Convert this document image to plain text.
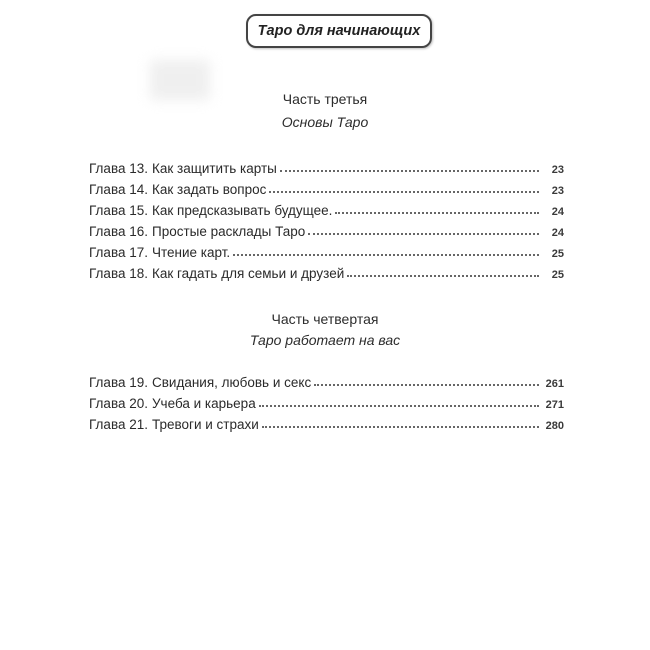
Таро для начинающих
Часть третья
Основы Таро
Глава 13. Как защитить карты	23
Глава 14. Как задать вопрос	23
Глава 15. Как предсказывать будущее.	24
Глава 16. Простые расклады Таро	24
Глава 17. Чтение карт.	25
Глава 18. Как гадать для семьи и друзей	25
Часть четвертая
Таро работает на вас
Глава 19. Свидания, любовь и секс	261
Глава 20. Учеба и карьера	271
Глава 21. Тревоги и страхи	280
